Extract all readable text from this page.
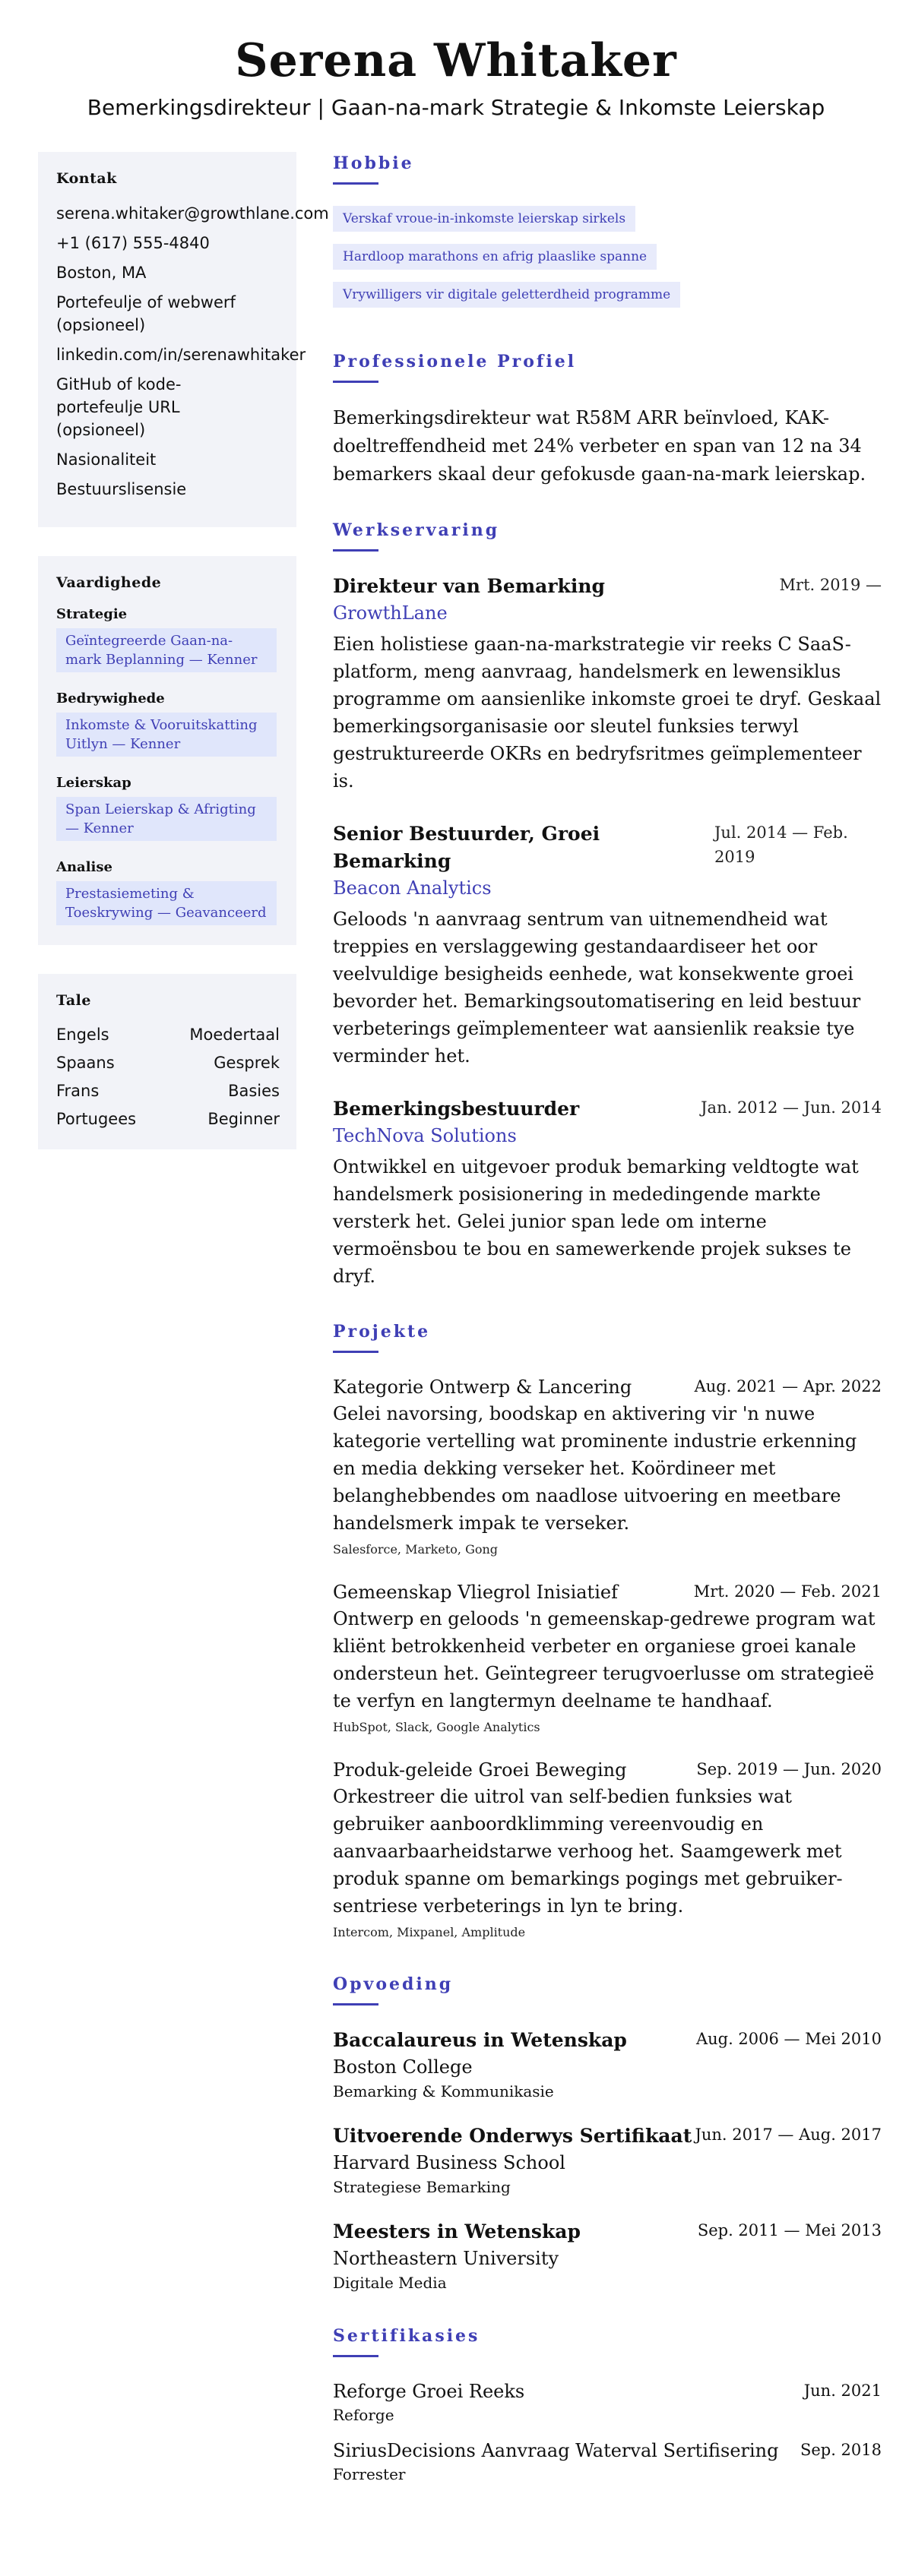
Serena Whitaker
Bemerkingsdirekteur | Gaan-na-mark Strategie & Inkomste Leierskap
Kontak
serena.whitaker@growthlane.com
+1 (617) 555-4840
Boston, MA
Portefeulje of webwerf (opsioneel)
linkedin.com/in/serenawhitaker
GitHub of kode-portefeulje URL (opsioneel)
Nasionaliteit
Bestuurslisensie
Vaardighede
Strategie
Geïntegreerde Gaan-na-mark Beplanning — Kenner
Bedrywighede
Inkomste & Vooruitskatting Uitlyn — Kenner
Leierskap
Span Leierskap & Afrigting — Kenner
Analise
Prestasiemeting & Toeskrywing — Geavanceerd
Tale
Engels	Moedertaal
Spaans	Gesprek
Frans	Basies
Portugees	Beginner
Hobbie
Verskaf vroue-in-inkomste leierskap sirkels
Hardloop marathons en afrig plaaslike spanne
Vrywilligers vir digitale geletterdheid programme
Professionele Profiel

Bemerkingsdirekteur wat R58M ARR beïnvloed, KAK-doeltreffendheid met 24% verbeter en span van 12 na 34 bemarkers skaal deur gefokusde gaan-na-mark leierskap.

Werkservaring
Direkteur van Bemarking	Mrt. 2019 —
GrowthLane

Eien holistiese gaan-na-markstrategie vir reeks C SaaS-platform, meng aanvraag, handelsmerk en lewensiklus programme om aansienlike inkomste groei te dryf. Geskaal bemerkingsorganisasie oor sleutel funksies terwyl gestruktureerde OKRs en bedryfsritmes geïmplementeer is.

Senior Bestuurder, Groei Bemarking
Jul. 2014 — Feb. 2019
Beacon Analytics

Geloods 'n aanvraag sentrum van uitnemendheid wat treppies en verslaggewing gestandaardiseer het oor veelvuldige besigheids eenhede, wat konsekwente groei bevorder het. Bemarkingsoutomatisering en leid bestuur verbeterings geïmplementeer wat aansienlik reaksie tye verminder het.

Bemerkingsbestuurder	Jan. 2012 — Jun. 2014
TechNova Solutions

Ontwikkel en uitgevoer produk bemarking veldtogte wat handelsmerk posisionering in mededingende markte versterk het. Gelei junior span lede om interne vermoënsbou te bou en samewerkende projek sukses te dryf.

Projekte
Kategorie Ontwerp & Lancering	Aug. 2021 — Apr. 2022

Gelei navorsing, boodskap en aktivering vir 'n nuwe kategorie vertelling wat prominente industrie erkenning en media dekking verseker het. Koördineer met belanghebbendes om naadlose uitvoering en meetbare handelsmerk impak te verseker.

Salesforce, Marketo, Gong
Gemeenskap Vliegrol Inisiatief	Mrt. 2020 — Feb. 2021

Ontwerp en geloods 'n gemeenskap-gedrewe program wat kliënt betrokkenheid verbeter en organiese groei kanale ondersteun het. Geïntegreer terugvoerlusse om strategieë te verfyn en langtermyn deelname te handhaaf.

HubSpot, Slack, Google Analytics
Produk-geleide Groei Beweging	Sep. 2019 — Jun. 2020

Orkestreer die uitrol van self-bedien funksies wat gebruiker aanboordklimming vereenvoudig en aanvaarbaarheidstarwe verhoog het. Saamgewerk met produk spanne om bemarkings pogings met gebruiker-sentriese verbeterings in lyn te bring.

Intercom, Mixpanel, Amplitude
Opvoeding
Baccalaureus in Wetenskap	Aug. 2006 — Mei 2010
Boston College
Bemarking & Kommunikasie
Uitvoerende Onderwys Sertifikaat Jun. 2017 — Aug. 2017
Harvard Business School
Strategiese Bemarking
Meesters in Wetenskap	Sep. 2011 — Mei 2013
Northeastern University
Digitale Media
Sertifikasies
Reforge Groei Reeks	Jun. 2021
Reforge
SiriusDecisions Aanvraag Waterval Sertifisering Sep. 2018
Forrester
